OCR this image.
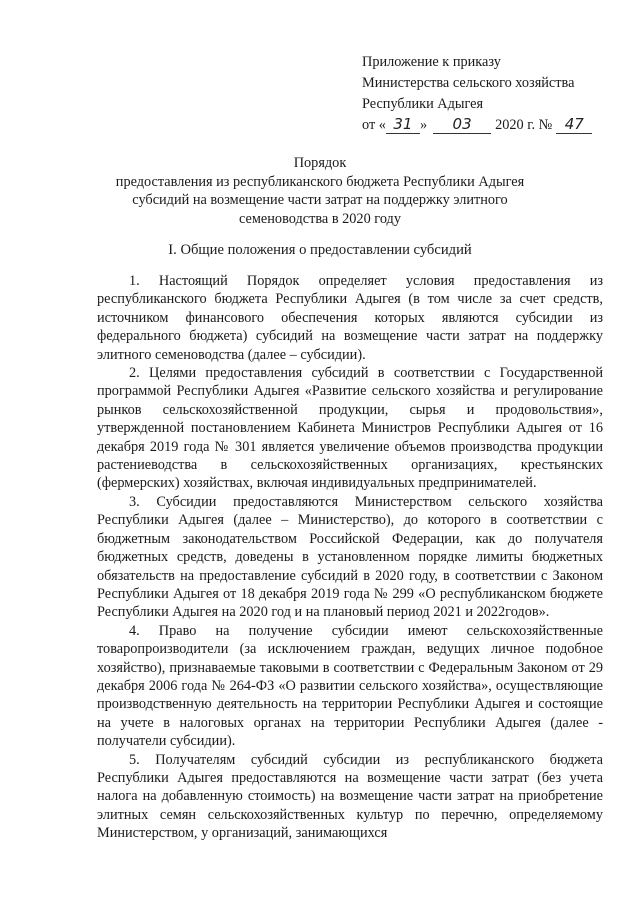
Приложение к приказу
Министерства сельского хозяйства
Республики Адыгея
от « 31 » 03 2020 г. № 47
Порядок
предоставления из республиканского бюджета Республики Адыгея
субсидий на возмещение части затрат на поддержку элитного
семеноводства в 2020 году
I. Общие положения о предоставлении субсидий

1. Настоящий Порядок определяет условия предоставления из республиканского бюджета Республики Адыгея (в том числе за счет средств, источником финансового обеспечения которых являются субсидии из федерального бюджета) субсидий на возмещение части затрат на поддержку элитного семеноводства (далее – субсидии).

2. Целями предоставления субсидий в соответствии с Государственной программой Республики Адыгея «Развитие сельского хозяйства и регулирование рынков сельскохозяйственной продукции, сырья и продовольствия», утвержденной постановлением Кабинета Министров Республики Адыгея от 16 декабря 2019 года № 301 является увеличение объемов производства продукции растениеводства в сельскохозяйственных организациях, крестьянских (фермерских) хозяйствах, включая индивидуальных предпринимателей.

3. Субсидии предоставляются Министерством сельского хозяйства Республики Адыгея (далее – Министерство), до которого в соответствии с бюджетным законодательством Российской Федерации, как до получателя бюджетных средств, доведены в установленном порядке лимиты бюджетных обязательств на предоставление субсидий в 2020 году, в соответствии с Законом Республики Адыгея от 18 декабря 2019 года № 299 «О республиканском бюджете Республики Адыгея на 2020 год и на плановый период 2021 и 2022годов».

4. Право на получение субсидии имеют сельскохозяйственные товаропроизводители (за исключением граждан, ведущих личное подобное хозяйство), признаваемые таковыми в соответствии с Федеральным Законом от 29 декабря 2006 года № 264-ФЗ «О развитии сельского хозяйства», осуществляющие производственную деятельность на территории Республики Адыгея и состоящие на учете в налоговых органах на территории Республики Адыгея (далее - получатели субсидии).

5. Получателям субсидий субсидии из республиканского бюджета Республики Адыгея предоставляются на возмещение части затрат (без учета налога на добавленную стоимость) на возмещение части затрат на приобретение элитных семян сельскохозяйственных культур по перечню, определяемому Министерством, у организаций, занимающихся
